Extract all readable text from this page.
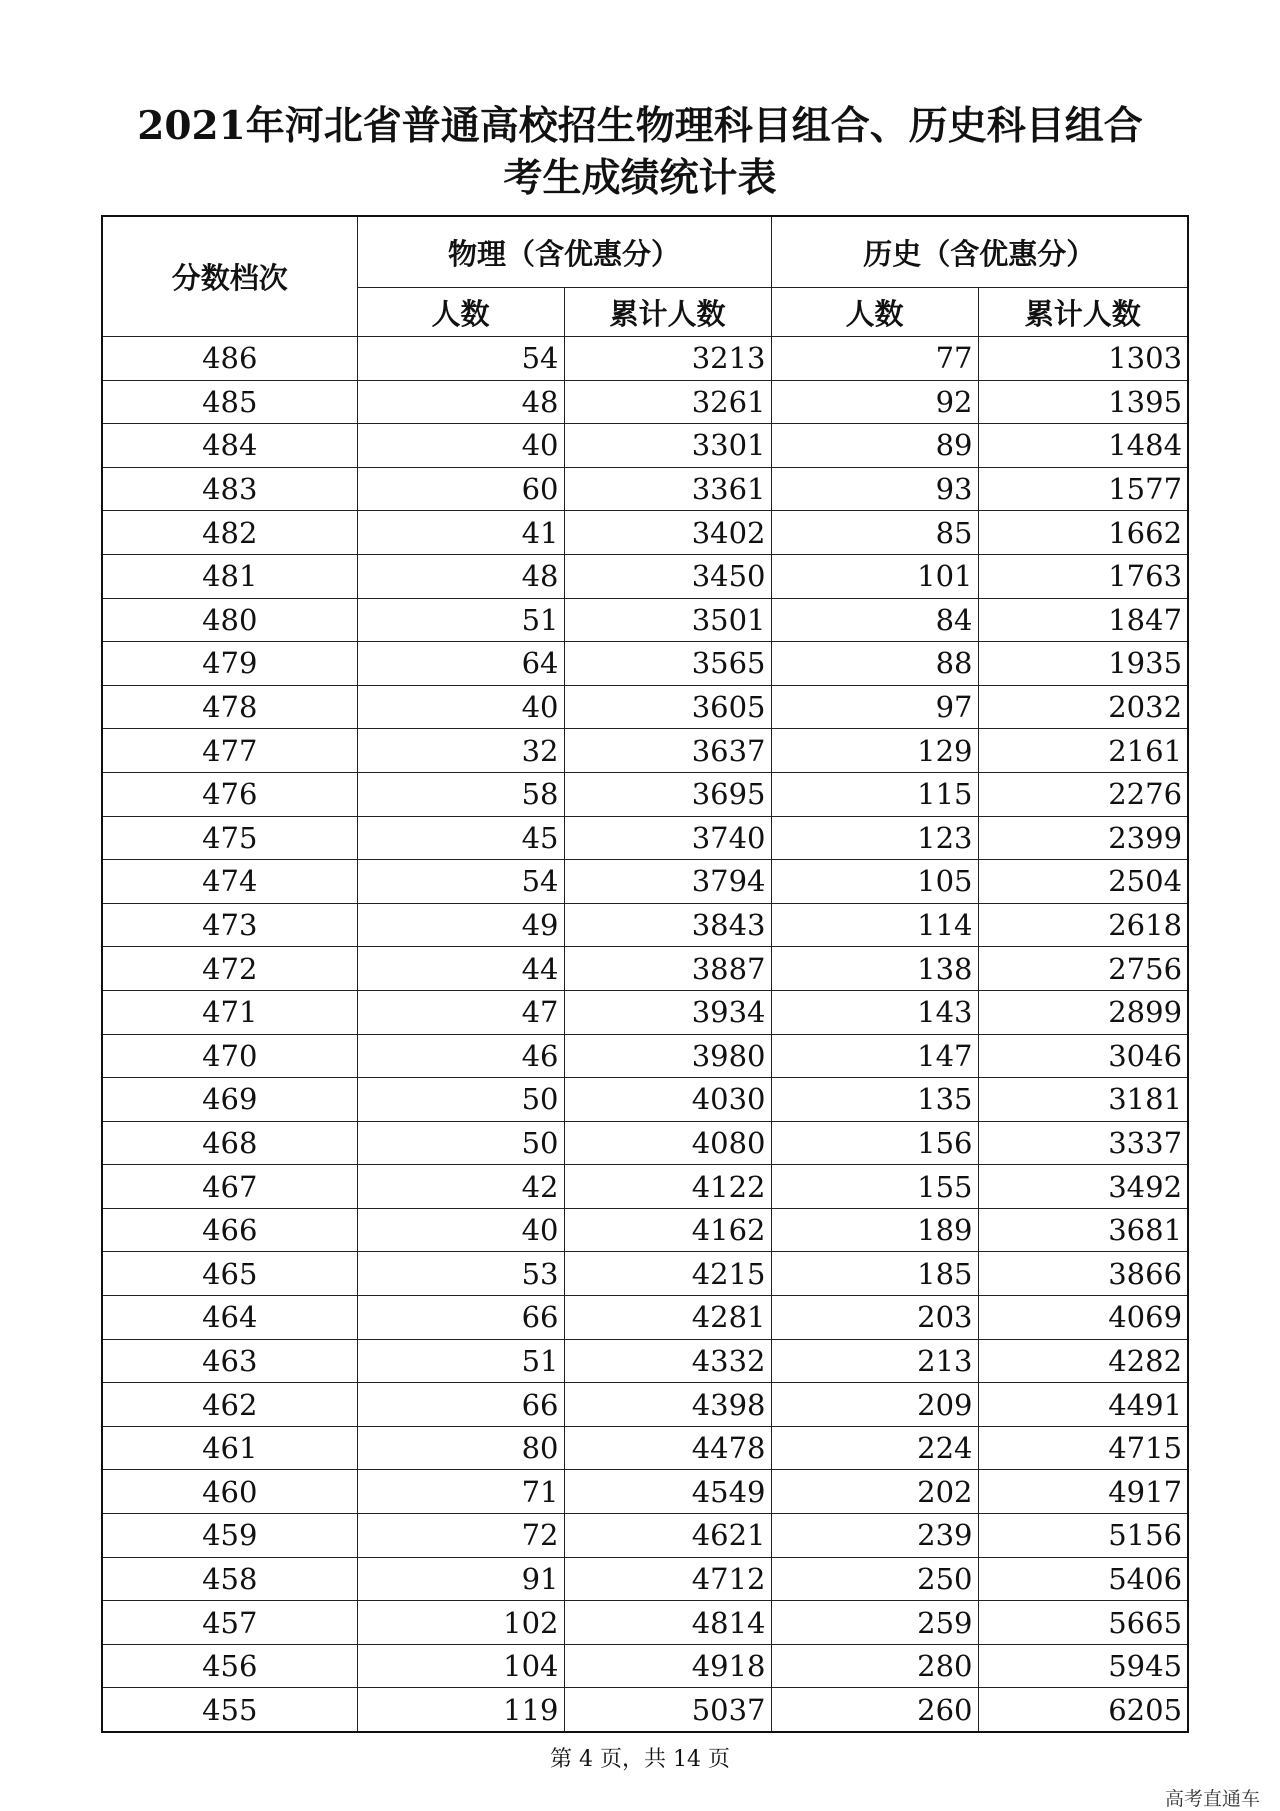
2021年河北省普通高校招生物理科目组合、历史科目组合
考生成绩统计表
分数档次	物理（含优惠分）		历史（含优惠分）	
	人数	累计人数	人数	累计人数
486	54	3213	77	1303
485	48	3261	92	1395
484	40	3301	89	1484
483	60	3361	93	1577
482	41	3402	85	1662
481	48	3450	101	1763
480	51	3501	84	1847
479	64	3565	88	1935
478	40	3605	97	2032
477	32	3637	129	2161
476	58	3695	115	2276
475	45	3740	123	2399
474	54	3794	105	2504
473	49	3843	114	2618
472	44	3887	138	2756
471	47	3934	143	2899
470	46	3980	147	3046
469	50	4030	135	3181
468	50	4080	156	3337
467	42	4122	155	3492
466	40	4162	189	3681
465	53	4215	185	3866
464	66	4281	203	4069
463	51	4332	213	4282
462	66	4398	209	4491
461	80	4478	224	4715
460	71	4549	202	4917
459	72	4621	239	5156
458	91	4712	250	5406
457	102	4814	259	5665
456	104	4918	280	5945
455	119	5037	260	6205
第 4 页，共 14 页
高考直通车
